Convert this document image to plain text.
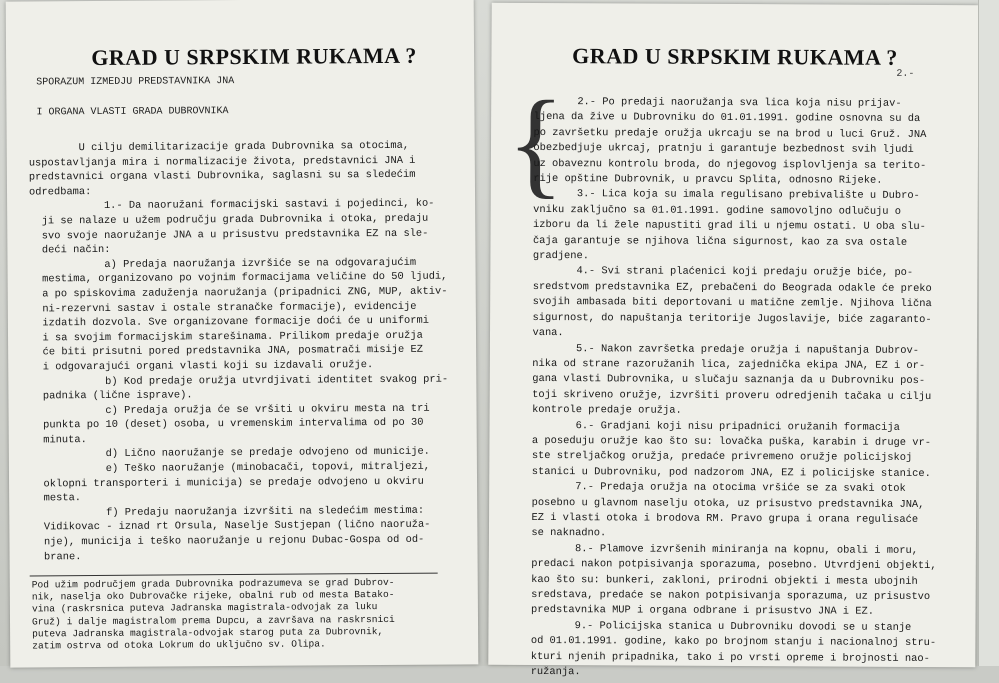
GRAD U SRPSKIM RUKAMA ?
SPORAZUM IZMEDJU PREDSTAVNIKA JNA
I ORGANA VLASTI GRADA DUBROVNIKA
U cilju demilitarizacije grada Dubrovnika sa otocima,
uspostavljanja mira i normalizacije života, predstavnici JNA i
predstavnici organa vlasti Dubrovnika, saglasni su sa sledećim
odredbama:
1.- Da naoružani formacijski sastavi i pojedinci, ko-
ji se nalaze u užem području grada Dubrovnika i otoka, predaju
svo svoje naoružanje JNA a u prisustvu predstavnika EZ na sle-
deći način:
a) Predaja naoružanja izvršiće se na odgovarajućim
mestima, organizovano po vojnim formacijama veličine do 50 ljudi,
a po spiskovima zaduženja naoružanja (pripadnici ZNG, MUP, aktiv-
ni-rezervni sastav i ostale stranačke formacije), evidencije
izdatih dozvola. Sve organizovane formacije doći će u uniformi
i sa svojim formacijskim starešinama. Prilikom predaje oružja
će biti prisutni pored predstavnika JNA, posmatrači misije EZ
i odgovarajući organi vlasti koji su izdavali oružje.
b) Kod predaje oružja utvrdjivati identitet svakog pri-
padnika (lične isprave).
c) Predaja oružja će se vršiti u okviru mesta na tri
punkta po 10 (deset) osoba, u vremenskim intervalima od po 30
minuta.
d) Lično naoružanje se predaje odvojeno od municije.
e) Teško naoružanje (minobacači, topovi, mitraljezi,
oklopni transporteri i municija) se predaje odvojeno u okviru
mesta.
f) Predaju naoružanja izvršiti na sledećim mestima:
Vidikovac - iznad rt Orsula, Naselje Sustjepan (lično naoruža-
nje), municija i teško naoružanje u rejonu Dubac-Gospa od od-
brane.
Pod užim područjem grada Dubrovnika podrazumeva se grad Dubrov-
nik, naselja oko Dubrovačke rijeke, obalni rub od mesta Batako-
vina (raskrsnica puteva Jadranska magistrala-odvojak za luku
Gruž) i dalje magistralom prema Dupcu, a završava na raskrsnici
puteva Jadranska magistrala-odvojak starog puta za Dubrovnik,
zatim ostrva od otoka Lokrum do uključno sv. Olipa.
GRAD U SRPSKIM RUKAMA ?
2.-
{
2.- Po predaji naoružanja sva lica koja nisu prijav-
ljena da žive u Dubrovniku do 01.01.1991. godine osnovna su da
po završetku predaje oružja ukrcaju se na brod u luci Gruž. JNA
obezbedjuje ukrcaj, pratnju i garantuje bezbednost svih ljudi
uz obaveznu kontrolu broda, do njegovog isplovljenja sa terito-
rije opštine Dubrovnik, u pravcu Splita, odnosno Rijeke.
3.- Lica koja su imala regulisano prebivalište u Dubro-
vniku zaključno sa 01.01.1991. godine samovoljno odlučuju o
izboru da li žele napustiti grad ili u njemu ostati. U oba slu-
čaja garantuje se njihova lična sigurnost, kao za sva ostale
gradjene.
4.- Svi strani plaćenici koji predaju oružje biće, po-
sredstvom predstavnika EZ, prebačeni do Beograda odakle će preko
svojih ambasada biti deportovani u matične zemlje. Njihova lična
sigurnost, do napuštanja teritorije Jugoslavije, biće zagaranto-
vana.
5.- Nakon završetka predaje oružja i napuštanja Dubrov-
nika od strane razoružanih lica, zajednička ekipa JNA, EZ i or-
gana vlasti Dubrovnika, u slučaju saznanja da u Dubrovniku pos-
toji skriveno oružje, izvršiti proveru odredjenih tačaka u cilju
kontrole predaje oružja.
6.- Gradjani koji nisu pripadnici oružanih formacija
a poseduju oružje kao što su: lovačka puška, karabin i druge vr-
ste streljačkog oružja, predaće privremeno oružje policijskoj
stanici u Dubrovniku, pod nadzorom JNA, EZ i policijske stanice.
7.- Predaja oružja na otocima vršiće se za svaki otok
posebno u glavnom naselju otoka, uz prisustvo predstavnika JNA,
EZ i vlasti otoka i brodova RM. Pravo grupa i orana regulisaće
se naknadno.
8.- Plamove izvršenih miniranja na kopnu, obali i moru,
predaci nakon potpisivanja sporazuma, posebno. Utvrdjeni objekti,
kao što su: bunkeri, zakloni, prirodni objekti i mesta ubojnih
sredstava, predaće se nakon potpisivanja sporazuma, uz prisustvo
predstavnika MUP i organa odbrane i prisustvo JNA i EZ.
9.- Policijska stanica u Dubrovniku dovodi se u stanje
od 01.01.1991. godine, kako po brojnom stanju i nacionalnoj stru-
kturi njenih pripadnika, tako i po vrsti opreme i brojnosti nao-
ružanja.
